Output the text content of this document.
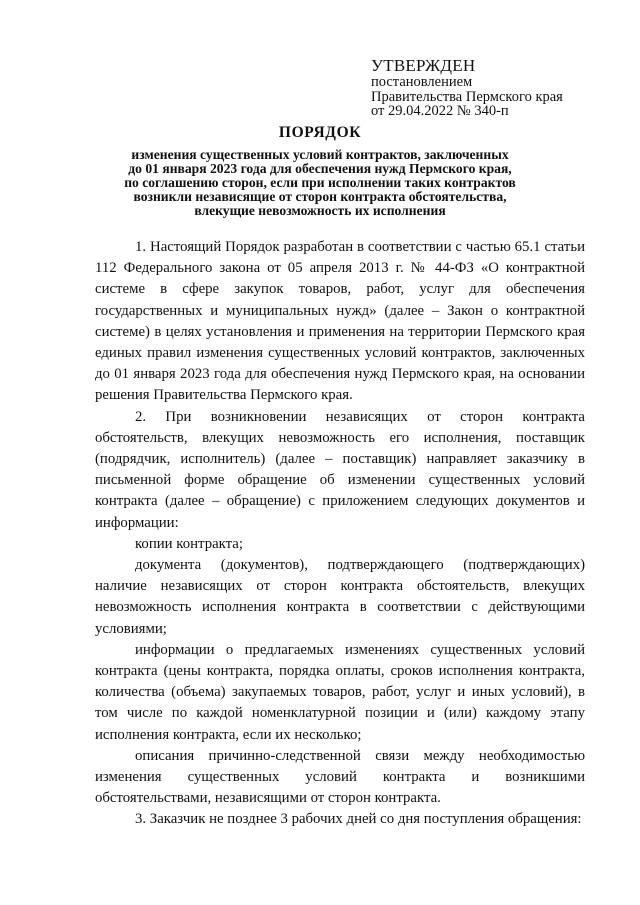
УТВЕРЖДЕН
постановлением
Правительства Пермского края
от 29.04.2022 № 340-п
ПОРЯДОК
изменения существенных условий контрактов, заключенных
до 01 января 2023 года для обеспечения нужд Пермского края,
по соглашению сторон, если при исполнении таких контрактов
возникли независящие от сторон контракта обстоятельства,
влекущие невозможность их исполнения

1. Настоящий Порядок разработан в соответствии с частью 65.1 статьи 112 Федерального закона от 05 апреля 2013 г. № 44-ФЗ «О контрактной системе в сфере закупок товаров, работ, услуг для обеспечения государственных и муниципальных нужд» (далее – Закон о контрактной системе) в целях установления и применения на территории Пермского края единых правил изменения существенных условий контрактов, заключенных до 01 января 2023 года для обеспечения нужд Пермского края, на основании решения Правительства Пермского края.

2. При возникновении независящих от сторон контракта обстоятельств, влекущих невозможность его исполнения, поставщик (подрядчик, исполнитель) (далее – поставщик) направляет заказчику в письменной форме обращение об изменении существенных условий контракта (далее – обращение) с приложением следующих документов и информации:

копии контракта;

документа (документов), подтверждающего (подтверждающих) наличие независящих от сторон контракта обстоятельств, влекущих невозможность исполнения контракта в соответствии с действующими условиями;

информации о предлагаемых изменениях существенных условий контракта (цены контракта, порядка оплаты, сроков исполнения контракта, количества (объема) закупаемых товаров, работ, услуг и иных условий), в том числе по каждой номенклатурной позиции и (или) каждому этапу исполнения контракта, если их несколько;

описания причинно-следственной связи между необходимостью изменения существенных условий контракта и возникшими обстоятельствами, независящими от сторон контракта.

3. Заказчик не позднее 3 рабочих дней со дня поступления обращения:
